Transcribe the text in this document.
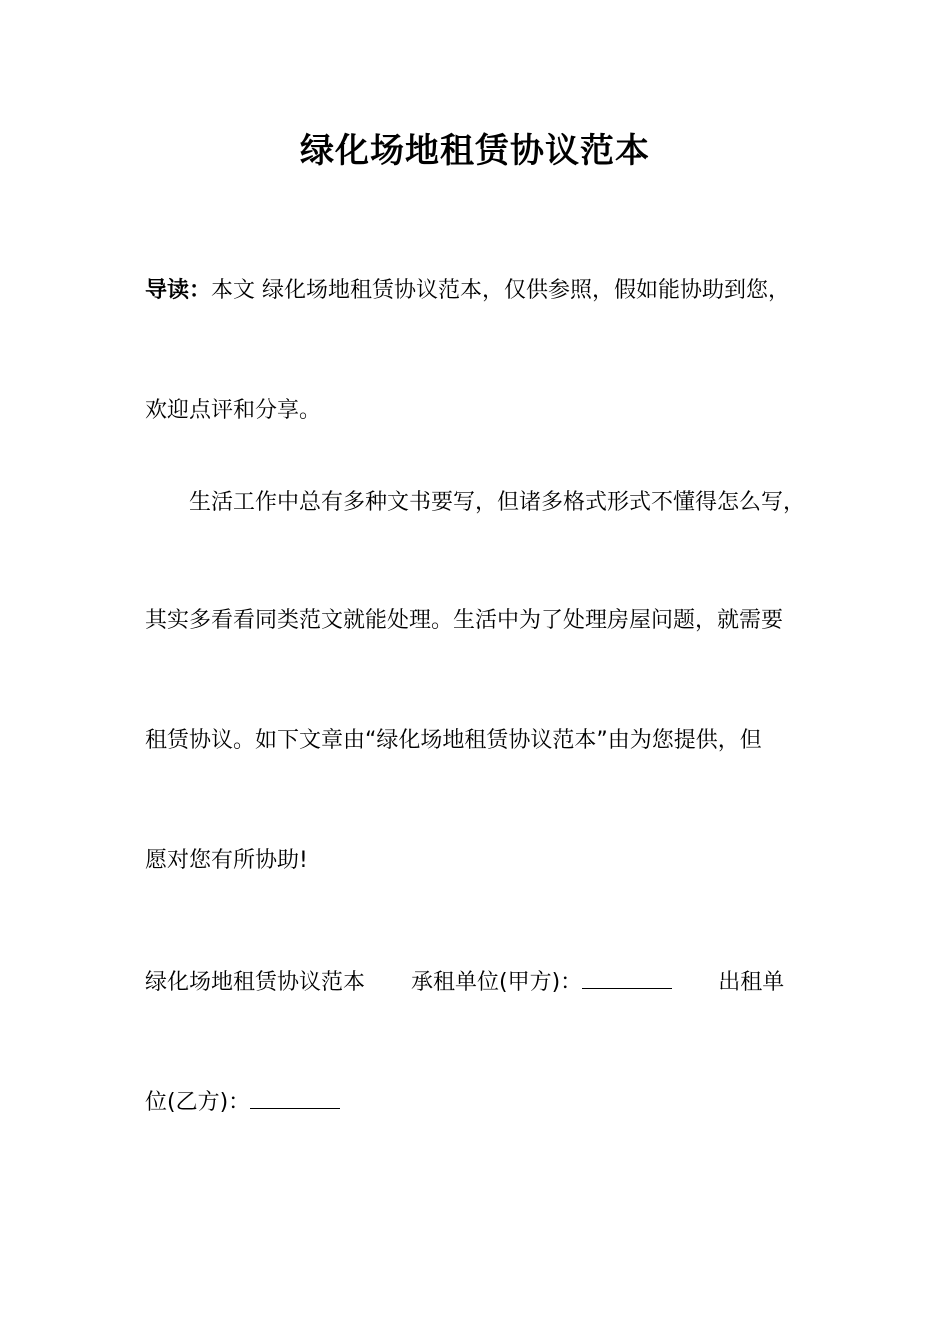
绿化场地租赁协议范本
导读：本文 绿化场地租赁协议范本，仅供参照，假如能协助到您，
欢迎点评和分享。
生活工作中总有多种文书要写，但诸多格式形式不懂得怎么写，
其实多看看同类范文就能处理。生活中为了处理房屋问题，就需要
租赁协议。如下文章由“绿化场地租赁协议范本”由为您提供，但
愿对您有所协助!
绿化场地租赁协议范本 承租单位(甲方)：	出租单
位(乙方)：
